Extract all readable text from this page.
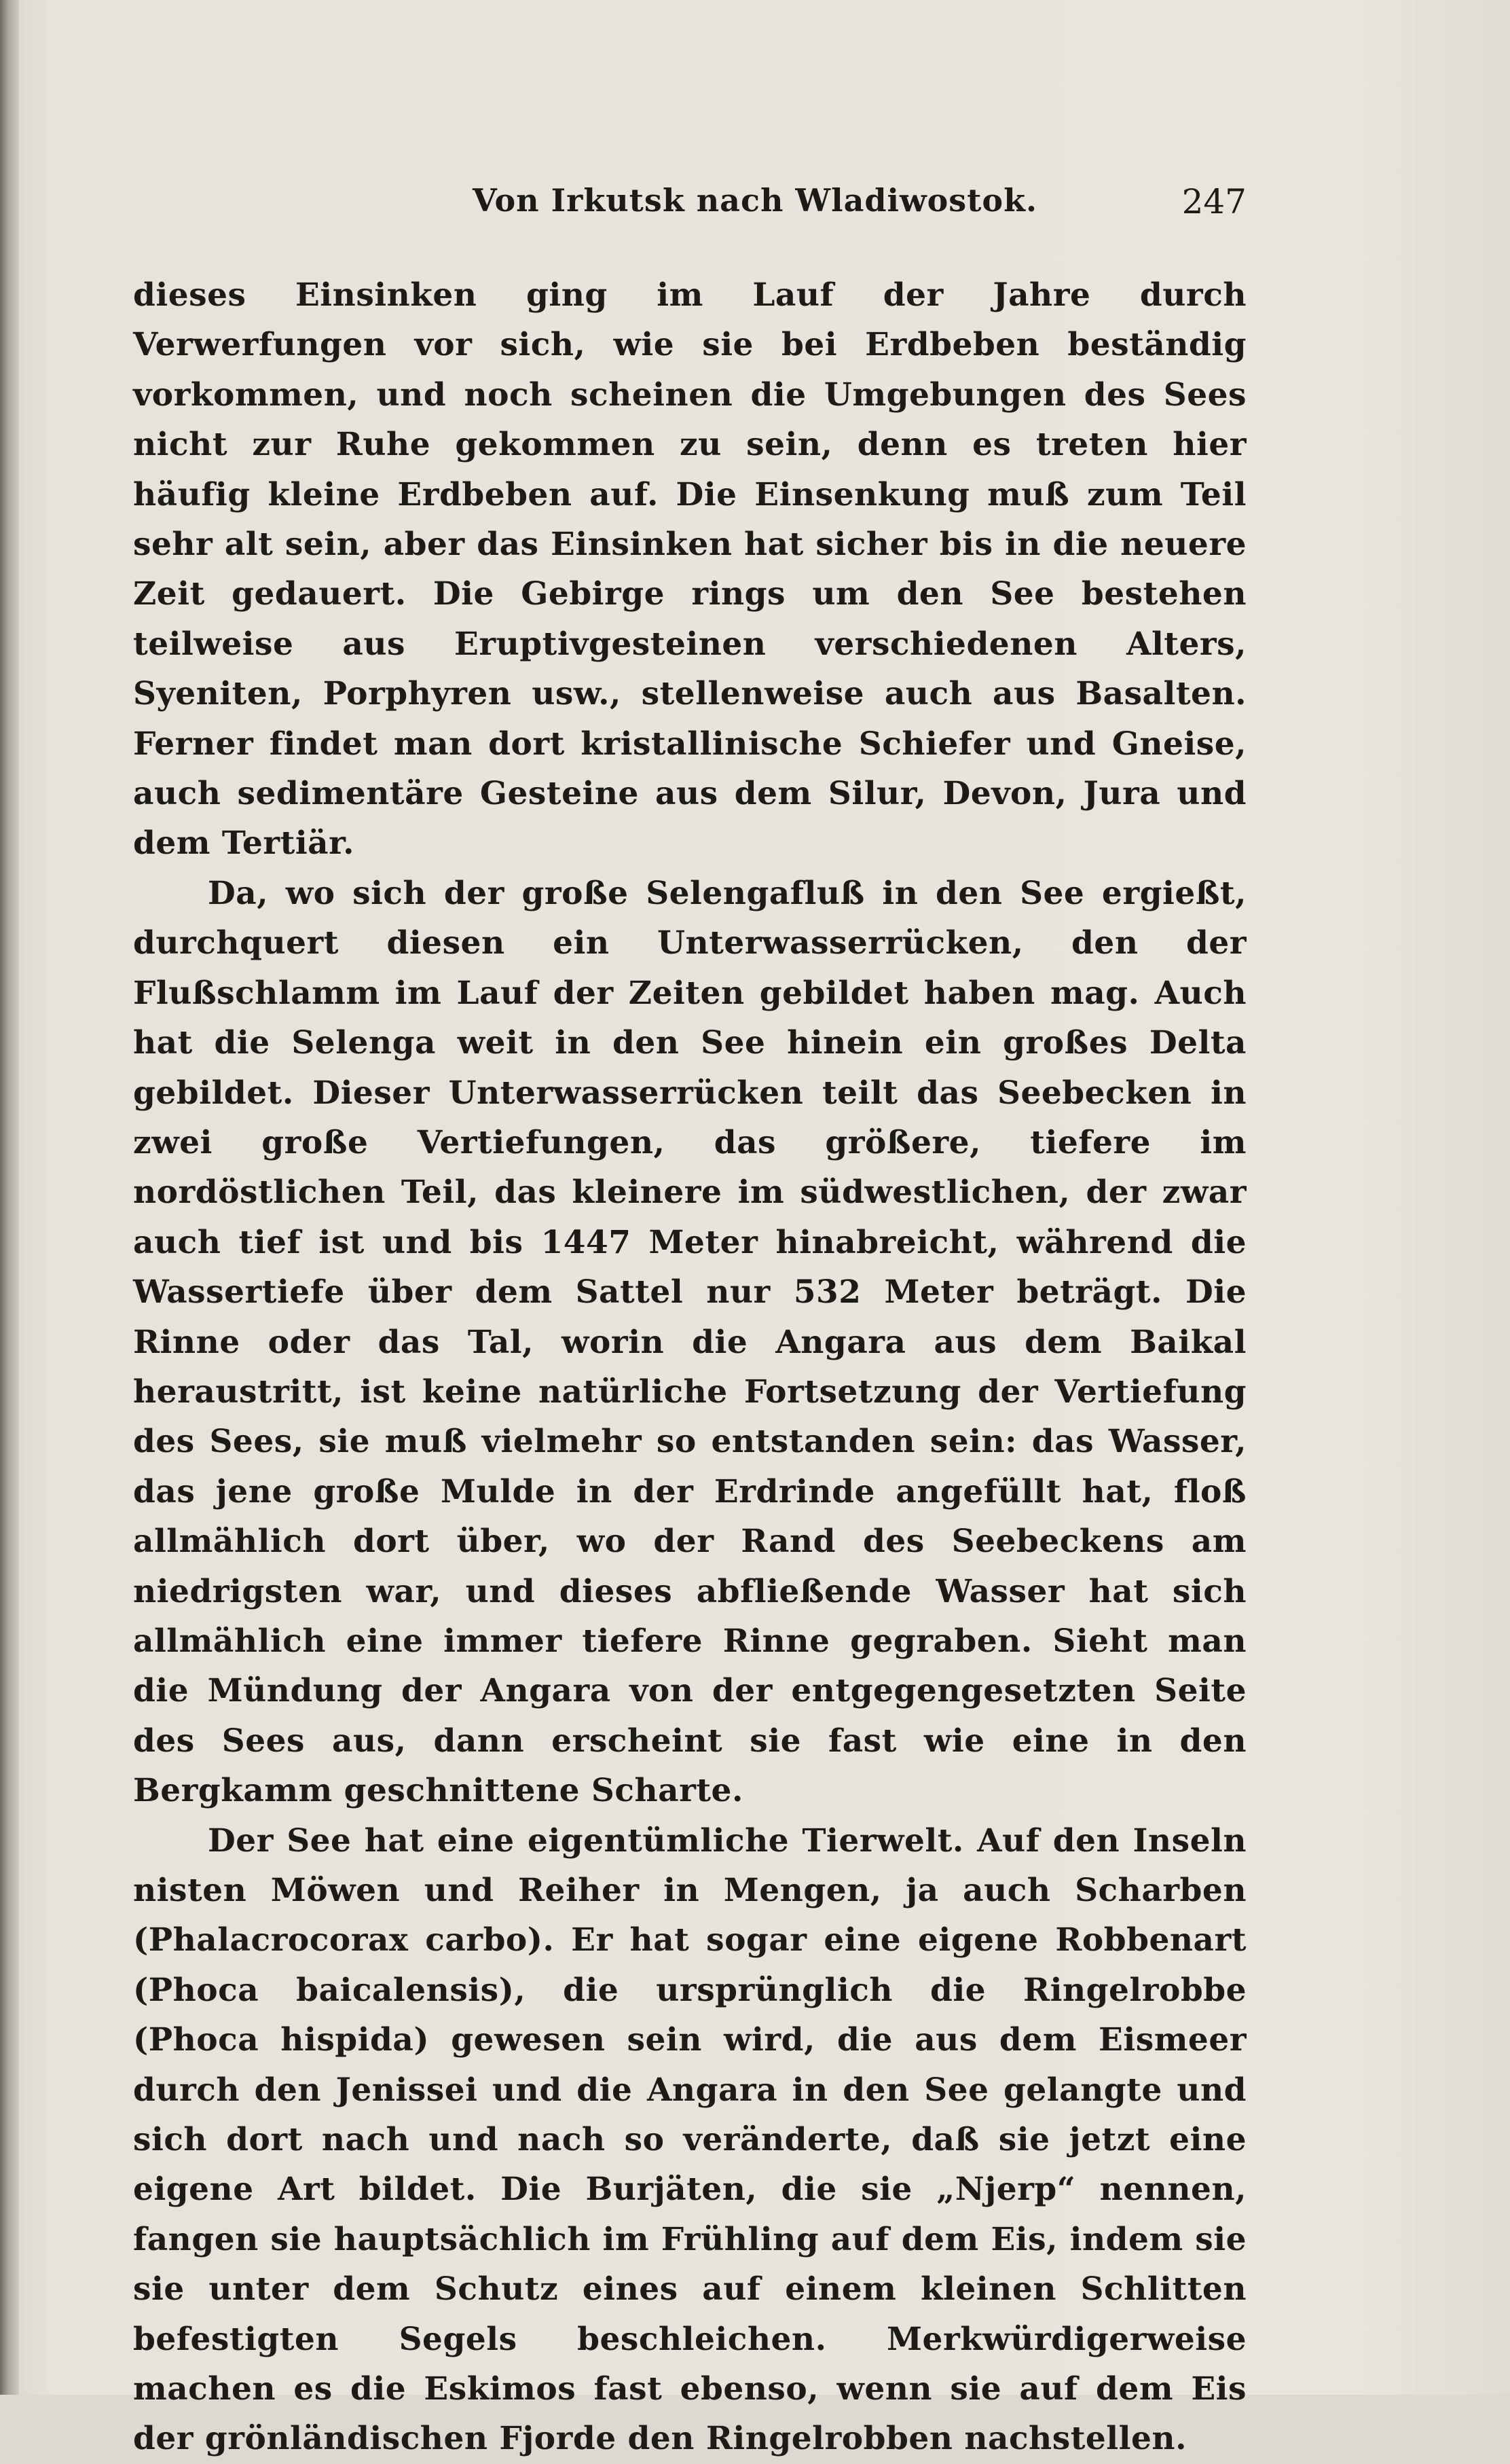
Von Irkutsk nach Wladiwostok.	247

dieses Einsinken ging im Lauf der Jahre durch Verwerfungen vor sich, wie sie bei Erdbeben beständig vorkommen, und noch scheinen die Umgebungen des Sees nicht zur Ruhe gekommen zu sein, denn es treten hier häufig kleine Erdbeben auf. Die Einsenkung muß zum Teil sehr alt sein, aber das Einsinken hat sicher bis in die neuere Zeit gedauert. Die Gebirge rings um den See bestehen teilweise aus Eruptivgesteinen verschiedenen Alters, Syeniten, Porphyren usw., stellenweise auch aus Basalten. Ferner findet man dort kristallinische Schiefer und Gneise, auch sedimentäre Gesteine aus dem Silur, Devon, Jura und dem Tertiär.

Da, wo sich der große Selengafluß in den See ergießt, durchquert diesen ein Unterwasserrücken, den der Flußschlamm im Lauf der Zeiten gebildet haben mag. Auch hat die Selenga weit in den See hinein ein großes Delta gebildet. Dieser Unterwasserrücken teilt das Seebecken in zwei große Vertiefungen, das größere, tiefere im nordöstlichen Teil, das kleinere im südwestlichen, der zwar auch tief ist und bis 1447 Meter hinabreicht, während die Wassertiefe über dem Sattel nur 532 Meter beträgt. Die Rinne oder das Tal, worin die Angara aus dem Baikal heraustritt, ist keine natürliche Fortsetzung der Vertiefung des Sees, sie muß vielmehr so entstanden sein: das Wasser, das jene große Mulde in der Erdrinde angefüllt hat, floß allmählich dort über, wo der Rand des Seebeckens am niedrigsten war, und dieses abfließende Wasser hat sich allmählich eine immer tiefere Rinne gegraben. Sieht man die Mündung der Angara von der entgegengesetzten Seite des Sees aus, dann erscheint sie fast wie eine in den Bergkamm geschnittene Scharte.

Der See hat eine eigentümliche Tierwelt. Auf den Inseln nisten Möwen und Reiher in Mengen, ja auch Scharben (Phalacrocorax carbo). Er hat sogar eine eigene Robbenart (Phoca baicalensis), die ursprünglich die Ringelrobbe (Phoca hispida) gewesen sein wird, die aus dem Eismeer durch den Jenissei und die Angara in den See gelangte und sich dort nach und nach so veränderte, daß sie jetzt eine eigene Art bildet. Die Burjäten, die sie „Njerp“ nennen, fangen sie hauptsächlich im Frühling auf dem Eis, indem sie sie unter dem Schutz eines auf einem kleinen Schlitten befestigten Segels beschleichen. Merkwürdigerweise machen es die Eskimos fast ebenso, wenn sie auf dem Eis der grönländischen Fjorde den Ringelrobben nachstellen.
